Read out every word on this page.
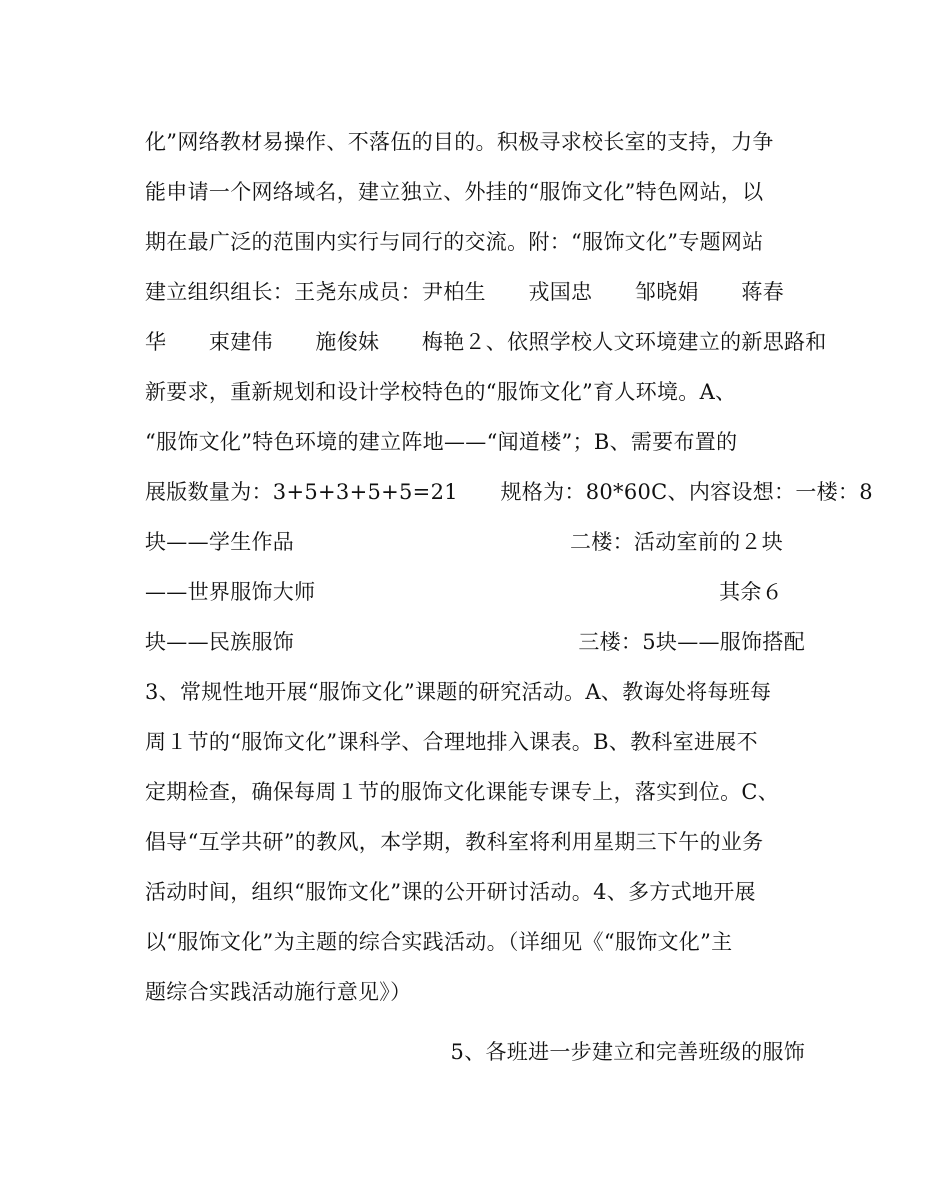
化”网络教材易操作、不落伍的目的。积极寻求校长室的支持，力争
能申请一个网络域名，建立独立、外挂的“服饰文化”特色网站，以
期在最广泛的范围内实行与同行的交流。附：“服饰文化”专题网站
建立组织组长：王尧东成员：尹柏生　　戎国忠　　邹晓娟　　蒋春
华　　束建伟　　施俊妹　　梅艳２、依照学校人文环境建立的新思路和
新要求，重新规划和设计学校特色的“服饰文化”育人环境。A、
“服饰文化”特色环境的建立阵地——“闻道楼”；B、需要布置的
展版数量为：3+5+3+5+5=21　　规格为：80*60C、内容设想：一楼：8
块——学生作品	二楼：活动室前的２块
——世界服饰大师	其余６
块——民族服饰	三楼：5块——服饰搭配
3、常规性地开展“服饰文化”课题的研究活动。A、教诲处将每班每
周１节的“服饰文化”课科学、合理地排入课表。B、教科室进展不
定期检查，确保每周１节的服饰文化课能专课专上，落实到位。C、
倡导“互学共研”的教风，本学期，教科室将利用星期三下午的业务
活动时间，组织“服饰文化”课的公开研讨活动。4、多方式地开展
以“服饰文化”为主题的综合实践活动。（详细见《“服饰文化”主
题综合实践活动施行意见》）
5、各班进一步建立和完善班级的服饰
